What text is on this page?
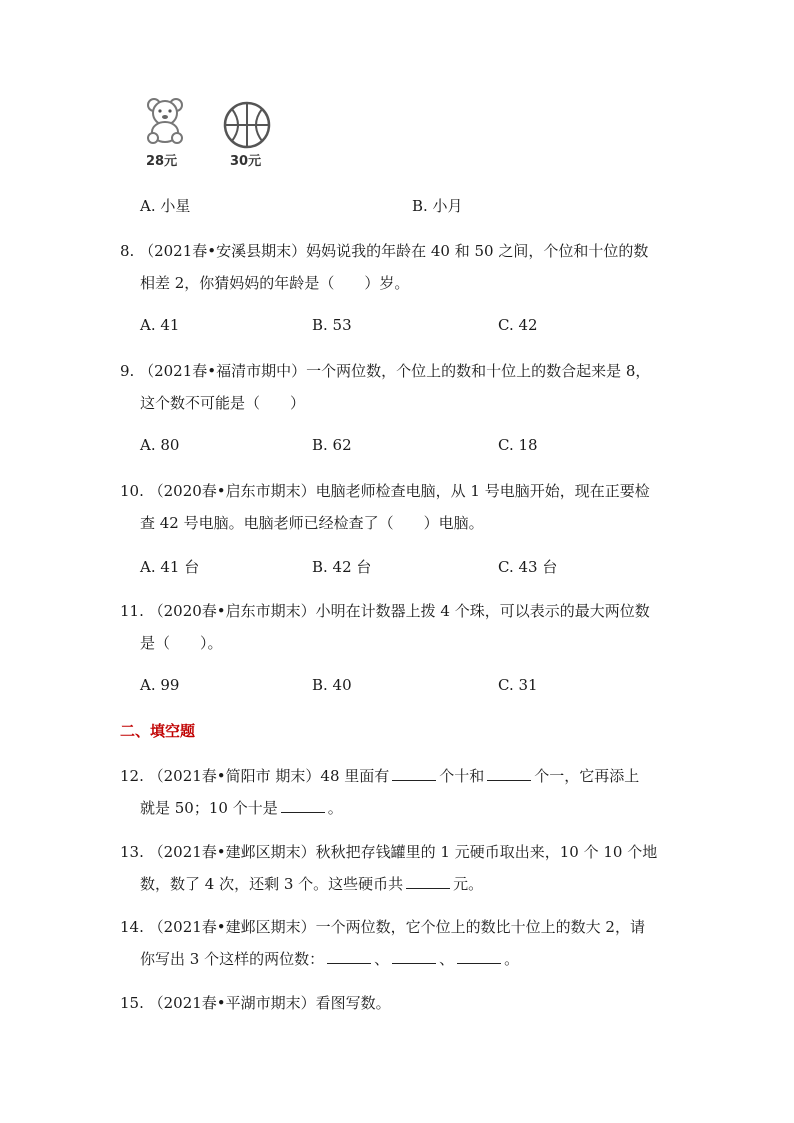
28元	30元
A. 小星	B. 小月
8. （2021春•安溪县期末）妈妈说我的年龄在 40 和 50 之间，个位和十位的数
相差 2，你猜妈妈的年龄是（　　）岁。
A. 41	B. 53	C. 42
9. （2021春•福清市期中）一个两位数，个位上的数和十位上的数合起来是 8，
这个数不可能是（　　）
A. 80	B. 62	C. 18
10. （2020春•启东市期末）电脑老师检查电脑，从 1 号电脑开始，现在正要检
查 42 号电脑。电脑老师已经检查了（　　）电脑。
A. 41 台	B. 42 台	C. 43 台
11. （2020春•启东市期末）小明在计数器上拨 4 个珠，可以表示的最大两位数
是（　　）。
A. 99	B. 40	C. 31
二、填空题
12. （2021春•简阳市 期末）48 里面有	个十和	个一，它再添上
就是 50；10 个十是	。
13. （2021春•建邺区期末）秋秋把存钱罐里的 1 元硬币取出来，10 个 10 个地
数，数了 4 次，还剩 3 个。这些硬币共	元。
14. （2021春•建邺区期末）一个两位数，它个位上的数比十位上的数大 2，请
你写出 3 个这样的两位数：	、	、	。
15. （2021春•平湖市期末）看图写数。
